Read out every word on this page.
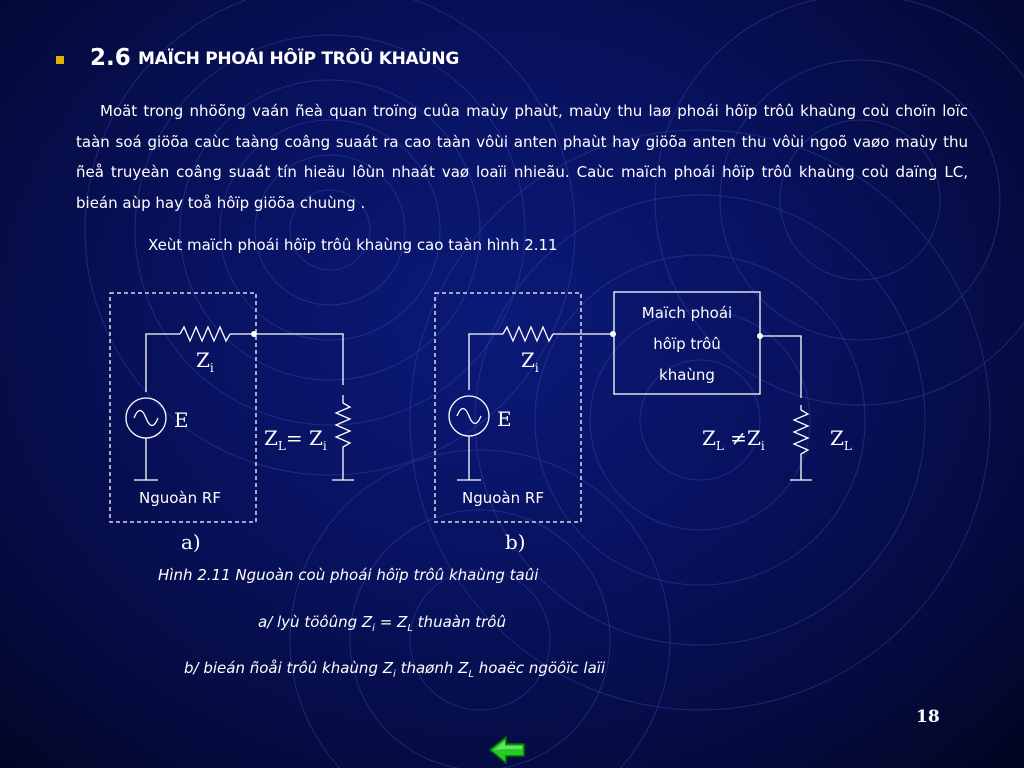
2.6 MAÏCH PHOÁI HÔÏP TRÔÛ KHAÙNG
Moät trong nhöõng vaán ñeà quan troïng cuûa maùy phaùt, maùy thu laø phoái hôïp trôû khaùng coù choïn loïc taàn soá giöõa caùc taàng coâng suaát ra cao taàn vôùi anten phaùt hay giöõa anten thu vôùi ngoõ vaøo maùy thu ñeå truyeàn coâng suaát tín hieäu lôùn nhaát vaø loaïi nhieãu. Caùc maïch phoái hôïp trôû khaùng coù daïng LC, bieán aùp hay toå hôïp giöõa chuùng .
Xeùt maïch phoái hôïp trôû khaùng cao taàn hình 2.11
$Z_i$
E
$Z_L= Z_i$
Nguoàn RF
a)
$Z_i$
E
Nguoàn RF
b)
Maïch phoái
hôïp trôû
khaùng
$Z_L \ne Z_i$	$Z_L$
Hình 2.11 Nguoàn coù phoái hôïp trôû khaùng taûi
a/ lyù töôûng $Z_i = Z_L$ thuaàn trôû
b/ bieán ñoåi trôû khaùng $Z_i$ thaønh $Z_L$ hoaëc ngöôïc laïi
18
